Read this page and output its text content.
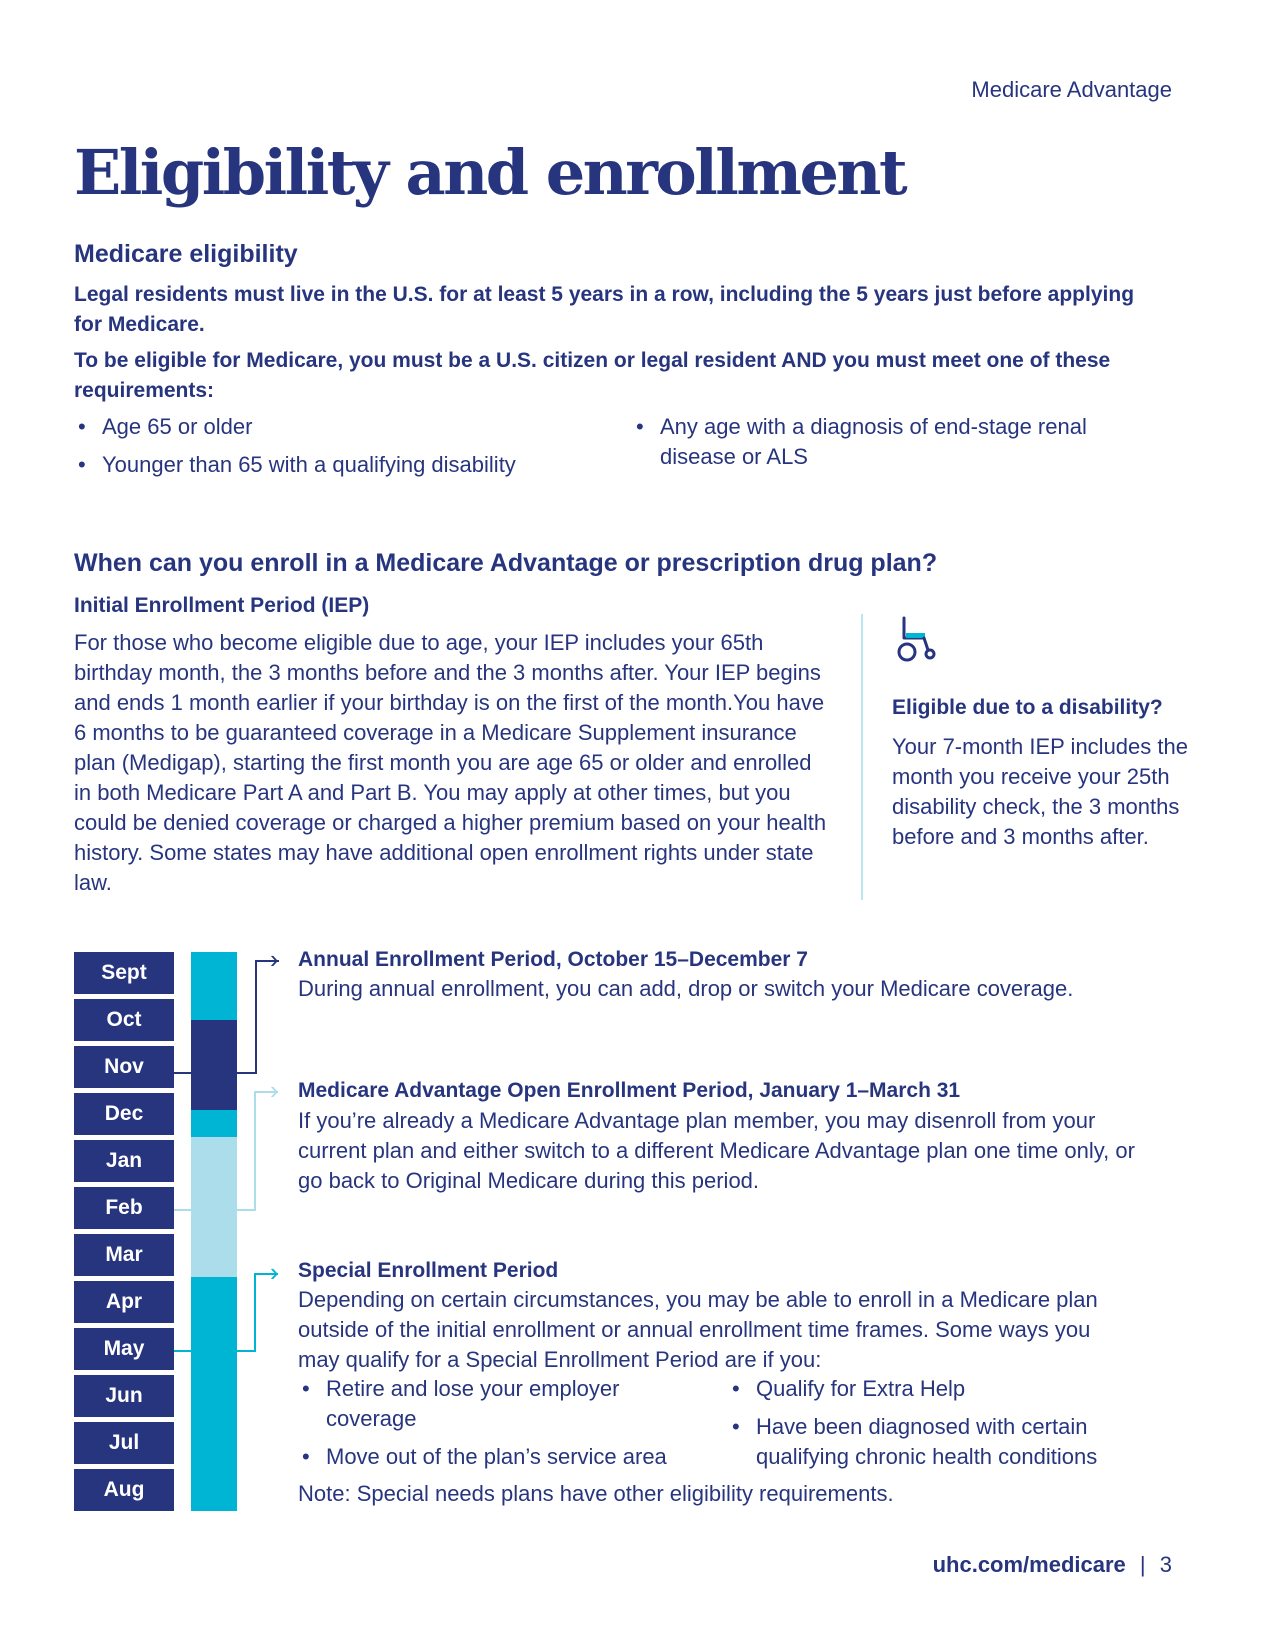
Medicare Advantage
Eligibility and enrollment
Medicare eligibility

Legal residents must live in the U.S. for at least 5 years in a row, including the 5 years just before applying for Medicare.

To be eligible for Medicare, you must be a U.S. citizen or legal resident AND you must meet one of these requirements:

• Age 65 or older
• Younger than 65 with a qualifying disability
• Any age with a diagnosis of end-stage renal disease or ALS
When can you enroll in a Medicare Advantage or prescription drug plan?
Initial Enrollment Period (IEP)

For those who become eligible due to age, your IEP includes your 65th birthday month, the 3 months before and the 3 months after. Your IEP begins and ends 1 month earlier if your birthday is on the first of the month.You have 6 months to be guaranteed coverage in a Medicare Supplement insurance plan (Medigap), starting the first month you are age 65 or older and enrolled in both Medicare Part A and Part B. You may apply at other times, but you could be denied coverage or charged a higher premium based on your health history. Some states may have additional open enrollment rights under state law.

Eligible due to a disability?

Your 7-month IEP includes the month you receive your 25th disability check, the 3 months before and 3 months after.

Sept
Oct
Nov
Dec
Jan
Feb
Mar
Apr
May
Jun
Jul
Aug
›
›
›
Annual Enrollment Period, October 15–December 7

During annual enrollment, you can add, drop or switch your Medicare coverage.

Medicare Advantage Open Enrollment Period, January 1–March 31

If you’re already a Medicare Advantage plan member, you may disenroll from your current plan and either switch to a different Medicare Advantage plan one time only, or go back to Original Medicare during this period.

Special Enrollment Period

Depending on certain circumstances, you may be able to enroll in a Medicare plan outside of the initial enrollment or annual enrollment time frames. Some ways you may qualify for a Special Enrollment Period are if you:

• Retire and lose your employer coverage
• Move out of the plan’s service area
• Qualify for Extra Help
• Have been diagnosed with certain qualifying chronic health conditions

Note: Special needs plans have other eligibility requirements.

uhc.com/medicare | 3
